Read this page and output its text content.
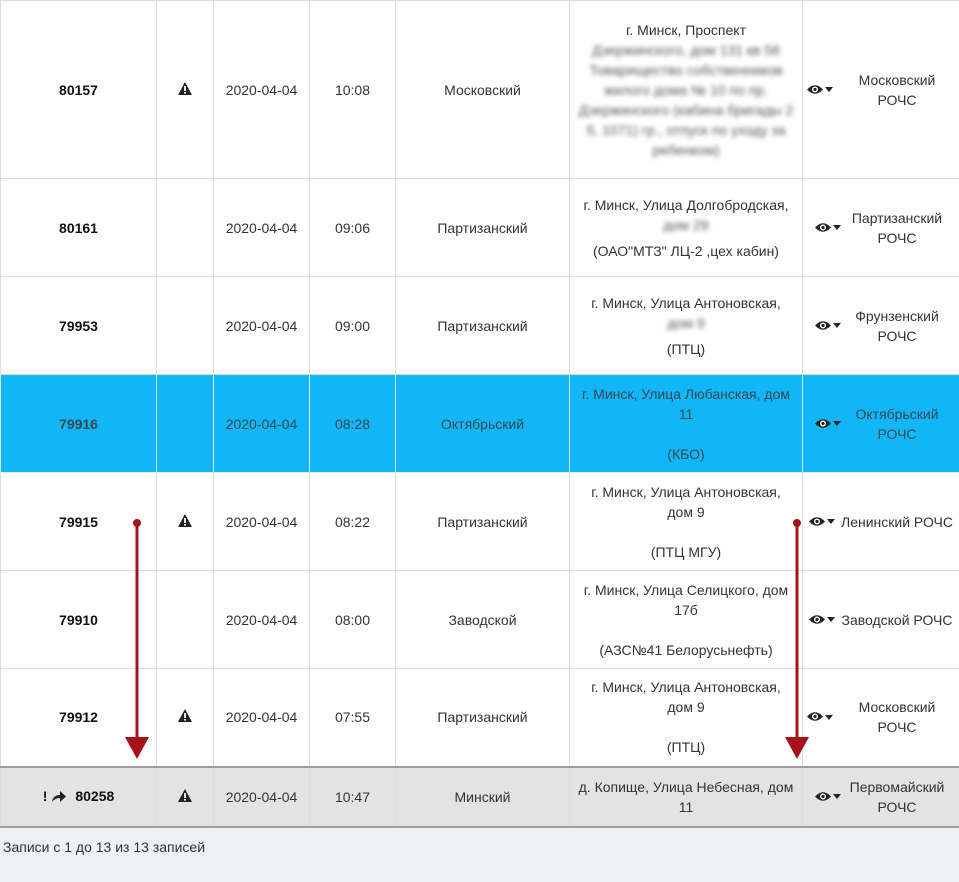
80157		2020-04-04	10:08	Московский	г. Минск, Проспект
Дзержинского, дом 131 кв 56 Товарищество собственников жилого дома № 10 по пр. Дзержинского (кабина бригады 2 б, 1071) гр., отпуск по уходу за ребенком)	Московский РОЧС

80161		2020-04-04	09:06	Партизанский	г. Минск, Улица Долгобродская,
дом 29
(ОАО"МТЗ" ЛЦ-2 ,цех кабин)	Партизанский РОЧС

79953		2020-04-04	09:00	Партизанский	г. Минск, Улица Антоновская,
дом 9
(ПТЦ)	Фрунзенский РОЧС

79916		2020-04-04	08:28	Октябрьский	г. Минск, Улица Любанская, дом 11
(КБО)	Октябрьский РОЧС

79915		2020-04-04	08:22	Партизанский	г. Минск, Улица Антоновская, дом 9
(ПТЦ МГУ)	Ленинский РОЧС

79910		2020-04-04	08:00	Заводской	г. Минск, Улица Селицкого, дом 17б
(АЗС№41 Белорусьнефть)	Заводской РОЧС

79912		2020-04-04	07:55	Партизанский	г. Минск, Улица Антоновская, дом 9
(ПТЦ)	Московский РОЧС

! 80258		2020-04-04	10:47	Минский	д. Копище, Улица Небесная, дом 11	Первомайский РОЧС
Записи с 1 до 13 из 13 записей
